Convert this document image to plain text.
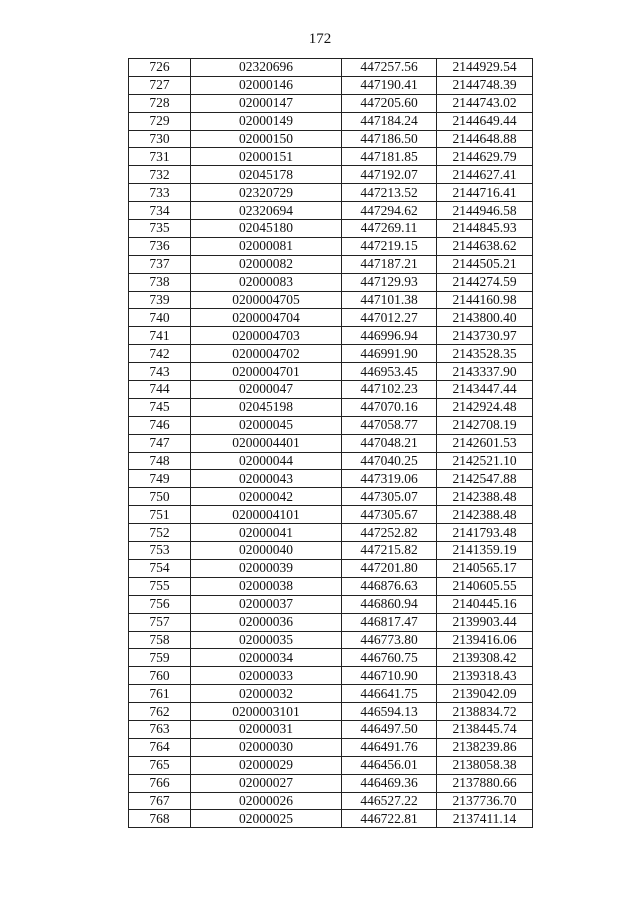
172
726	02320696	447257.56	2144929.54
727	02000146	447190.41	2144748.39
728	02000147	447205.60	2144743.02
729	02000149	447184.24	2144649.44
730	02000150	447186.50	2144648.88
731	02000151	447181.85	2144629.79
732	02045178	447192.07	2144627.41
733	02320729	447213.52	2144716.41
734	02320694	447294.62	2144946.58
735	02045180	447269.11	2144845.93
736	02000081	447219.15	2144638.62
737	02000082	447187.21	2144505.21
738	02000083	447129.93	2144274.59
739	0200004705	447101.38	2144160.98
740	0200004704	447012.27	2143800.40
741	0200004703	446996.94	2143730.97
742	0200004702	446991.90	2143528.35
743	0200004701	446953.45	2143337.90
744	02000047	447102.23	2143447.44
745	02045198	447070.16	2142924.48
746	02000045	447058.77	2142708.19
747	0200004401	447048.21	2142601.53
748	02000044	447040.25	2142521.10
749	02000043	447319.06	2142547.88
750	02000042	447305.07	2142388.48
751	0200004101	447305.67	2142388.48
752	02000041	447252.82	2141793.48
753	02000040	447215.82	2141359.19
754	02000039	447201.80	2140565.17
755	02000038	446876.63	2140605.55
756	02000037	446860.94	2140445.16
757	02000036	446817.47	2139903.44
758	02000035	446773.80	2139416.06
759	02000034	446760.75	2139308.42
760	02000033	446710.90	2139318.43
761	02000032	446641.75	2139042.09
762	0200003101	446594.13	2138834.72
763	02000031	446497.50	2138445.74
764	02000030	446491.76	2138239.86
765	02000029	446456.01	2138058.38
766	02000027	446469.36	2137880.66
767	02000026	446527.22	2137736.70
768	02000025	446722.81	2137411.14
